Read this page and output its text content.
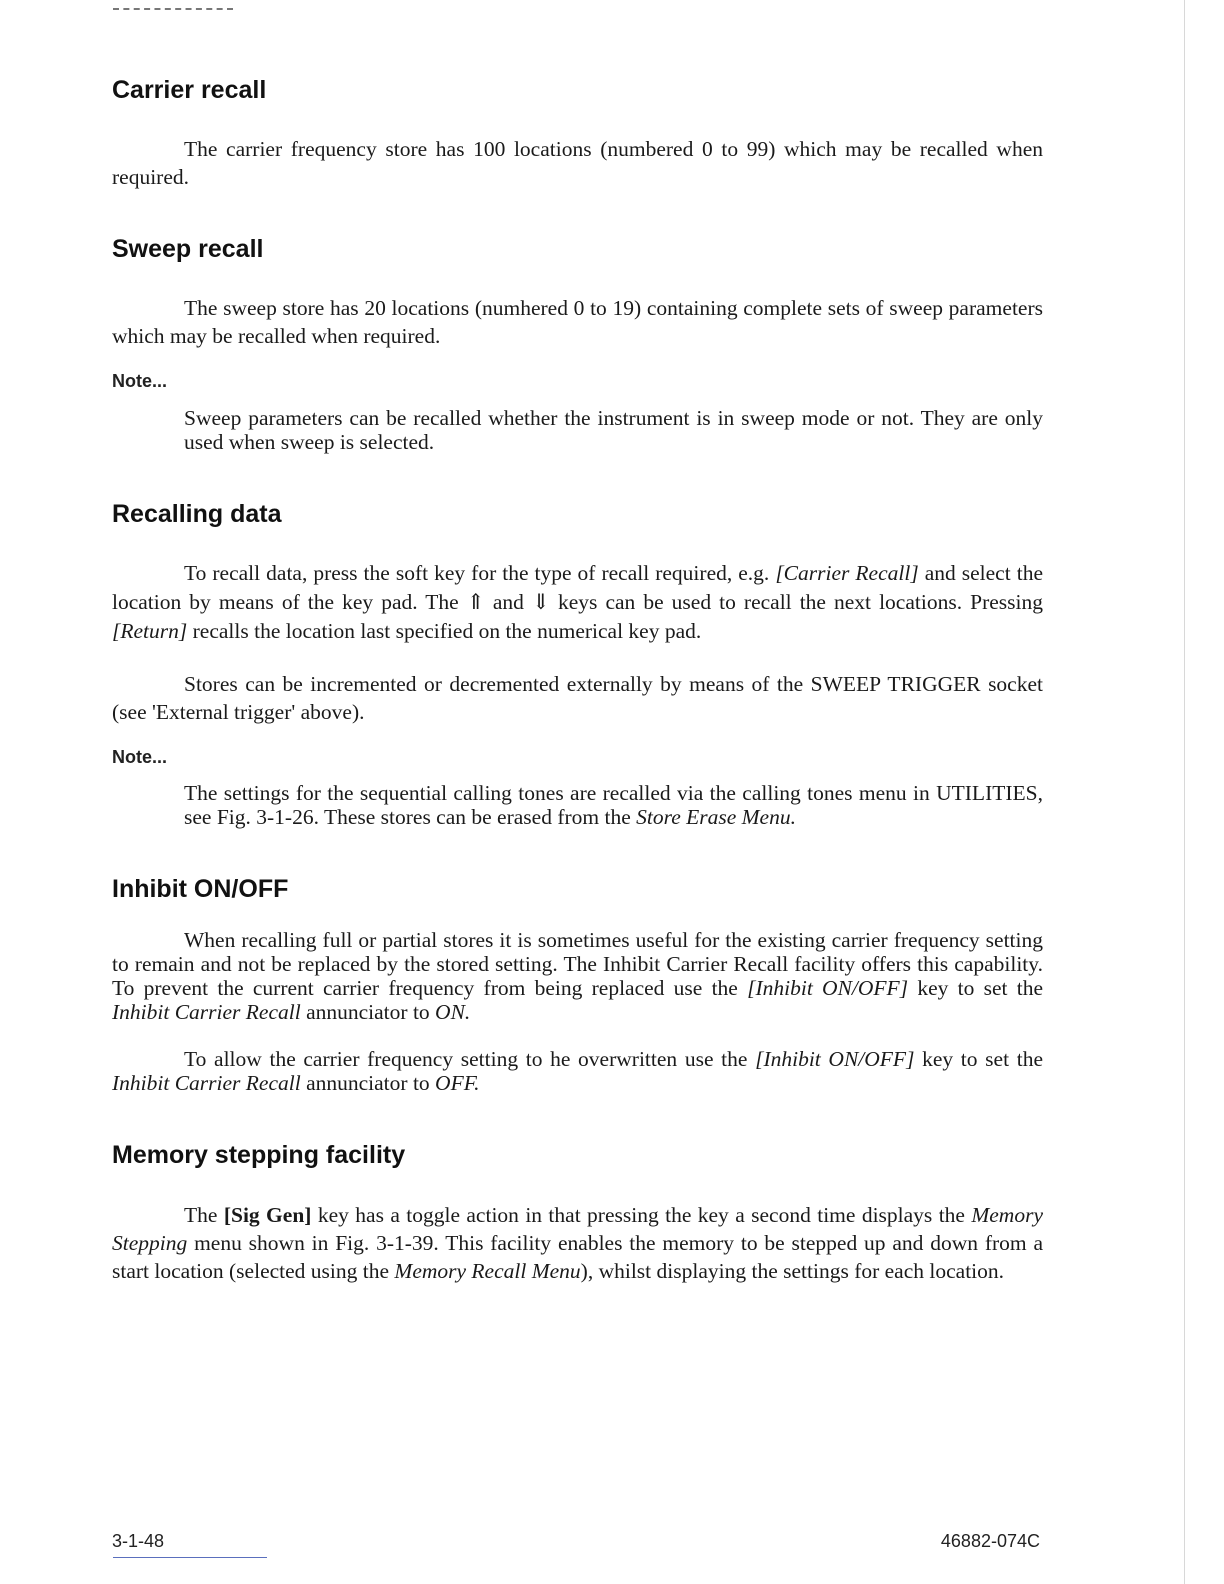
Carrier recall

The carrier frequency store has 100 locations (numbered 0 to 99) which may be recalled when required.

Sweep recall

The sweep store has 20 locations (numhered 0 to 19) containing complete sets of sweep parameters which may be recalled when required.

Note...

Sweep parameters can be recalled whether the instrument is in sweep mode or not. They are only used when sweep is selected.

Recalling data

To recall data, press the soft key for the type of recall required, e.g. [Carrier Recall] and select the location by means of the key pad. The ⇑ and ⇓ keys can be used to recall the next locations. Pressing [Return] recalls the location last specified on the numerical key pad.

Stores can be incremented or decremented externally by means of the SWEEP TRIGGER socket (see 'External trigger' above).

Note...

The settings for the sequential calling tones are recalled via the calling tones menu in UTILITIES, see Fig. 3-1-26. These stores can be erased from the Store Erase Menu.

Inhibit ON/OFF

When recalling full or partial stores it is sometimes useful for the existing carrier frequency setting to remain and not be replaced by the stored setting. The Inhibit Carrier Recall facility offers this capability. To prevent the current carrier frequency from being replaced use the [Inhibit ON/OFF] key to set the Inhibit Carrier Recall annunciator to ON.

To allow the carrier frequency setting to he overwritten use the [Inhibit ON/OFF] key to set the Inhibit Carrier Recall annunciator to OFF.

Memory stepping facility

The [Sig Gen] key has a toggle action in that pressing the key a second time displays the Memory Stepping menu shown in Fig. 3-1-39. This facility enables the memory to be stepped up and down from a start location (selected using the Memory Recall Menu), whilst displaying the settings for each location.

3-1-48	46882-074C
